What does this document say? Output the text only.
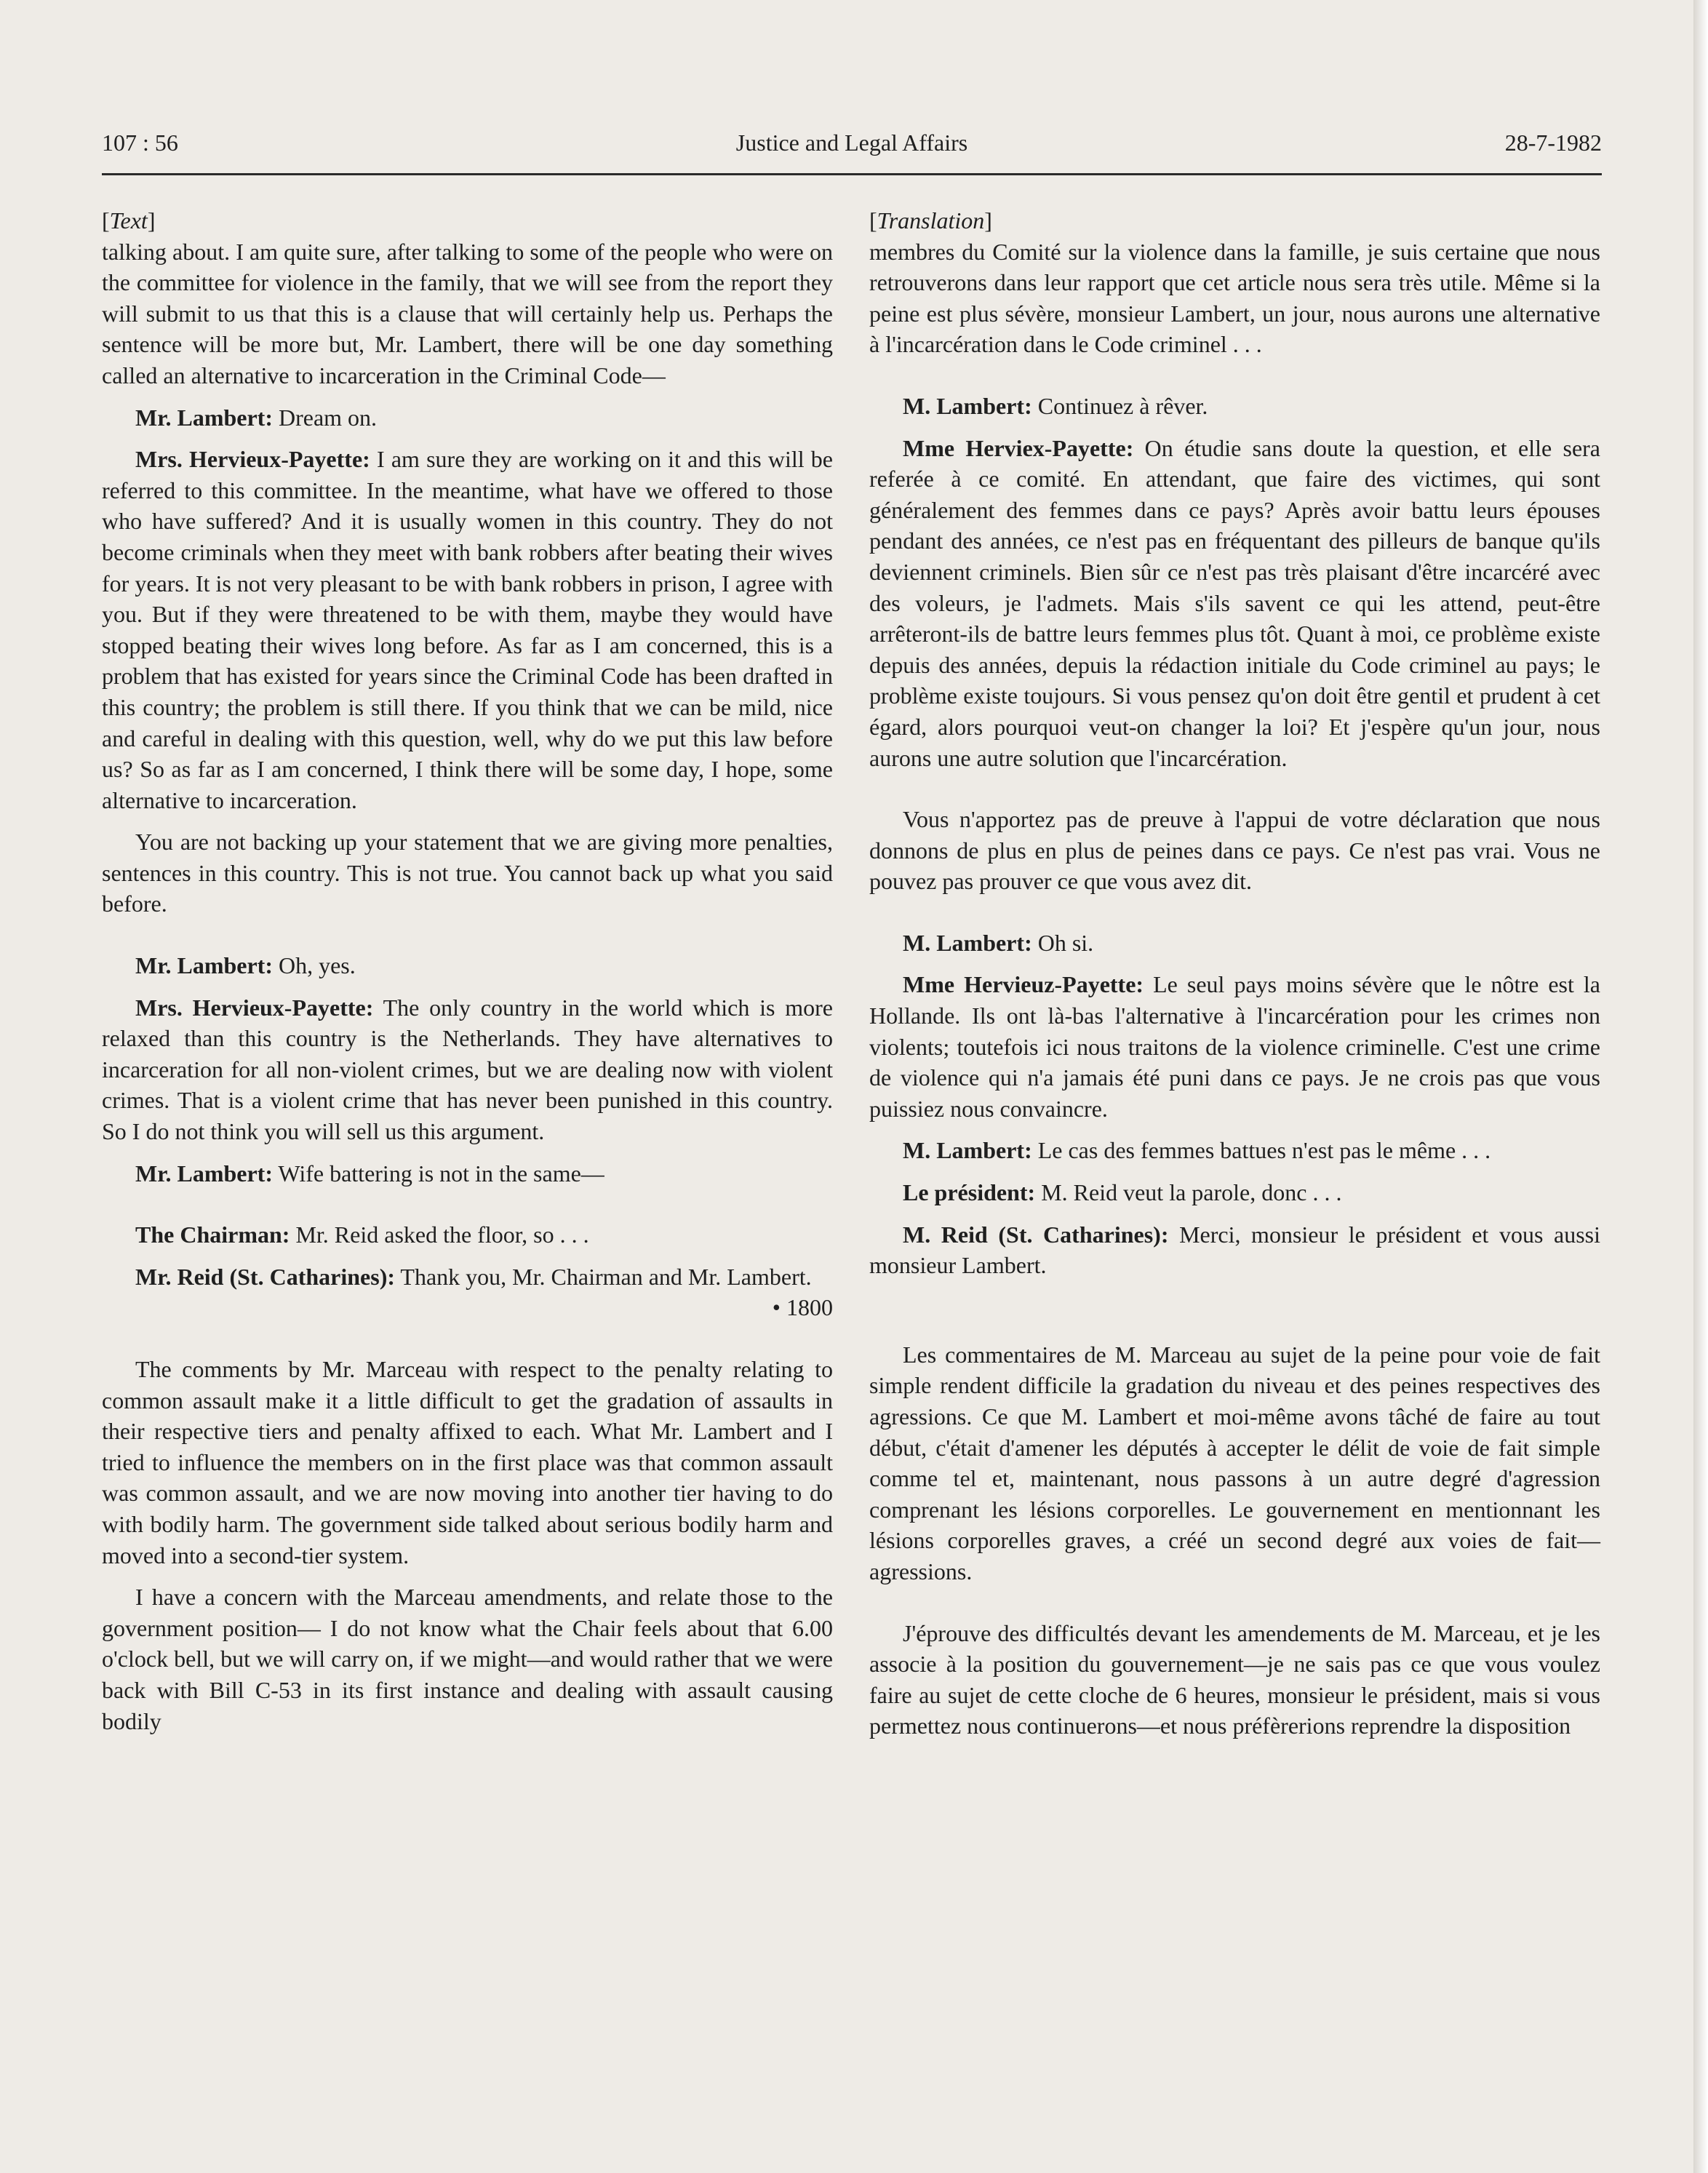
107 : 56	Justice and Legal Affairs	28-7-1982

[Text]

talking about. I am quite sure, after talking to some of the people who were on the committee for violence in the family, that we will see from the report they will submit to us that this is a clause that will certainly help us. Perhaps the sentence will be more but, Mr. Lambert, there will be one day something called an alternative to incarceration in the Criminal Code—

Mr. Lambert: Dream on.

Mrs. Hervieux-Payette: I am sure they are working on it and this will be referred to this committee. In the meantime, what have we offered to those who have suffered? And it is usually women in this country. They do not become criminals when they meet with bank robbers after beating their wives for years. It is not very pleasant to be with bank robbers in prison, I agree with you. But if they were threatened to be with them, maybe they would have stopped beating their wives long before. As far as I am concerned, this is a problem that has existed for years since the Criminal Code has been drafted in this country; the problem is still there. If you think that we can be mild, nice and careful in dealing with this question, well, why do we put this law before us? So as far as I am concerned, I think there will be some day, I hope, some alternative to incarceration.

You are not backing up your statement that we are giving more penalties, sentences in this country. This is not true. You cannot back up what you said before.

Mr. Lambert: Oh, yes.

Mrs. Hervieux-Payette: The only country in the world which is more relaxed than this country is the Netherlands. They have alternatives to incarceration for all non-violent crimes, but we are dealing now with violent crimes. That is a violent crime that has never been punished in this country. So I do not think you will sell us this argument.

Mr. Lambert: Wife battering is not in the same—

The Chairman: Mr. Reid asked the floor, so . . .

Mr. Reid (St. Catharines): Thank you, Mr. Chairman and Mr. Lambert.

• 1800

The comments by Mr. Marceau with respect to the penalty relating to common assault make it a little difficult to get the gradation of assaults in their respective tiers and penalty affixed to each. What Mr. Lambert and I tried to influence the members on in the first place was that common assault was common assault, and we are now moving into another tier having to do with bodily harm. The government side talked about serious bodily harm and moved into a second-tier system.

I have a concern with the Marceau amendments, and relate those to the government position— I do not know what the Chair feels about that 6.00 o'clock bell, but we will carry on, if we might—and would rather that we were back with Bill C-53 in its first instance and dealing with assault causing bodily

[Translation]

membres du Comité sur la violence dans la famille, je suis certaine que nous retrouverons dans leur rapport que cet article nous sera très utile. Même si la peine est plus sévère, monsieur Lambert, un jour, nous aurons une alternative à l'incarcération dans le Code criminel . . .

M. Lambert: Continuez à rêver.

Mme Herviex-Payette: On étudie sans doute la question, et elle sera referée à ce comité. En attendant, que faire des victimes, qui sont généralement des femmes dans ce pays? Après avoir battu leurs épouses pendant des années, ce n'est pas en fréquentant des pilleurs de banque qu'ils deviennent criminels. Bien sûr ce n'est pas très plaisant d'être incarcéré avec des voleurs, je l'admets. Mais s'ils savent ce qui les attend, peut-être arrêteront-ils de battre leurs femmes plus tôt. Quant à moi, ce problème existe depuis des années, depuis la rédaction initiale du Code criminel au pays; le problème existe toujours. Si vous pensez qu'on doit être gentil et prudent à cet égard, alors pourquoi veut-on changer la loi? Et j'espère qu'un jour, nous aurons une autre solution que l'incarcération.

Vous n'apportez pas de preuve à l'appui de votre déclaration que nous donnons de plus en plus de peines dans ce pays. Ce n'est pas vrai. Vous ne pouvez pas prouver ce que vous avez dit.

M. Lambert: Oh si.

Mme Hervieuz-Payette: Le seul pays moins sévère que le nôtre est la Hollande. Ils ont là-bas l'alternative à l'incarcération pour les crimes non violents; toutefois ici nous traitons de la violence criminelle. C'est une crime de violence qui n'a jamais été puni dans ce pays. Je ne crois pas que vous puissiez nous convaincre.

M. Lambert: Le cas des femmes battues n'est pas le même . . .

Le président: M. Reid veut la parole, donc . . .

M. Reid (St. Catharines): Merci, monsieur le président et vous aussi monsieur Lambert.

Les commentaires de M. Marceau au sujet de la peine pour voie de fait simple rendent difficile la gradation du niveau et des peines respectives des agressions. Ce que M. Lambert et moi-même avons tâché de faire au tout début, c'était d'amener les députés à accepter le délit de voie de fait simple comme tel et, maintenant, nous passons à un autre degré d'agression comprenant les lésions corporelles. Le gouvernement en mentionnant les lésions corporelles graves, a créé un second degré aux voies de fait—agressions.

J'éprouve des difficultés devant les amendements de M. Marceau, et je les associe à la position du gouvernement—je ne sais pas ce que vous voulez faire au sujet de cette cloche de 6 heures, monsieur le président, mais si vous permettez nous continuerons—et nous préfèrerions reprendre la disposition
